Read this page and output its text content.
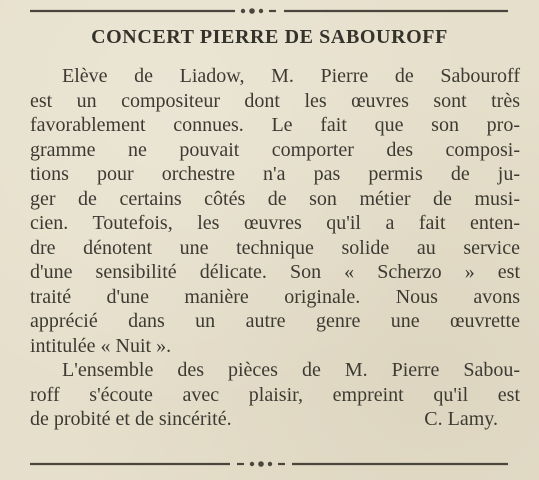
CONCERT PIERRE DE SABOUROFF
Elève de Liadow, M. Pierre de Sabouroff
est un compositeur dont les œuvres sont très
favorablement connues. Le fait que son pro-
gramme ne pouvait comporter des composi-
tions pour orchestre n'a pas permis de ju-
ger de certains côtés de son métier de musi-
cien. Toutefois, les œuvres qu'il a fait enten-
dre dénotent une technique solide au service
d'une sensibilité délicate. Son « Scherzo » est
traité d'une manière originale. Nous avons
apprécié dans un autre genre une œuvrette
intitulée « Nuit ».
L'ensemble des pièces de M. Pierre Sabou-
roff s'écoute avec plaisir, empreint qu'il est
de probité et de sincérité.	C. Lamy.
